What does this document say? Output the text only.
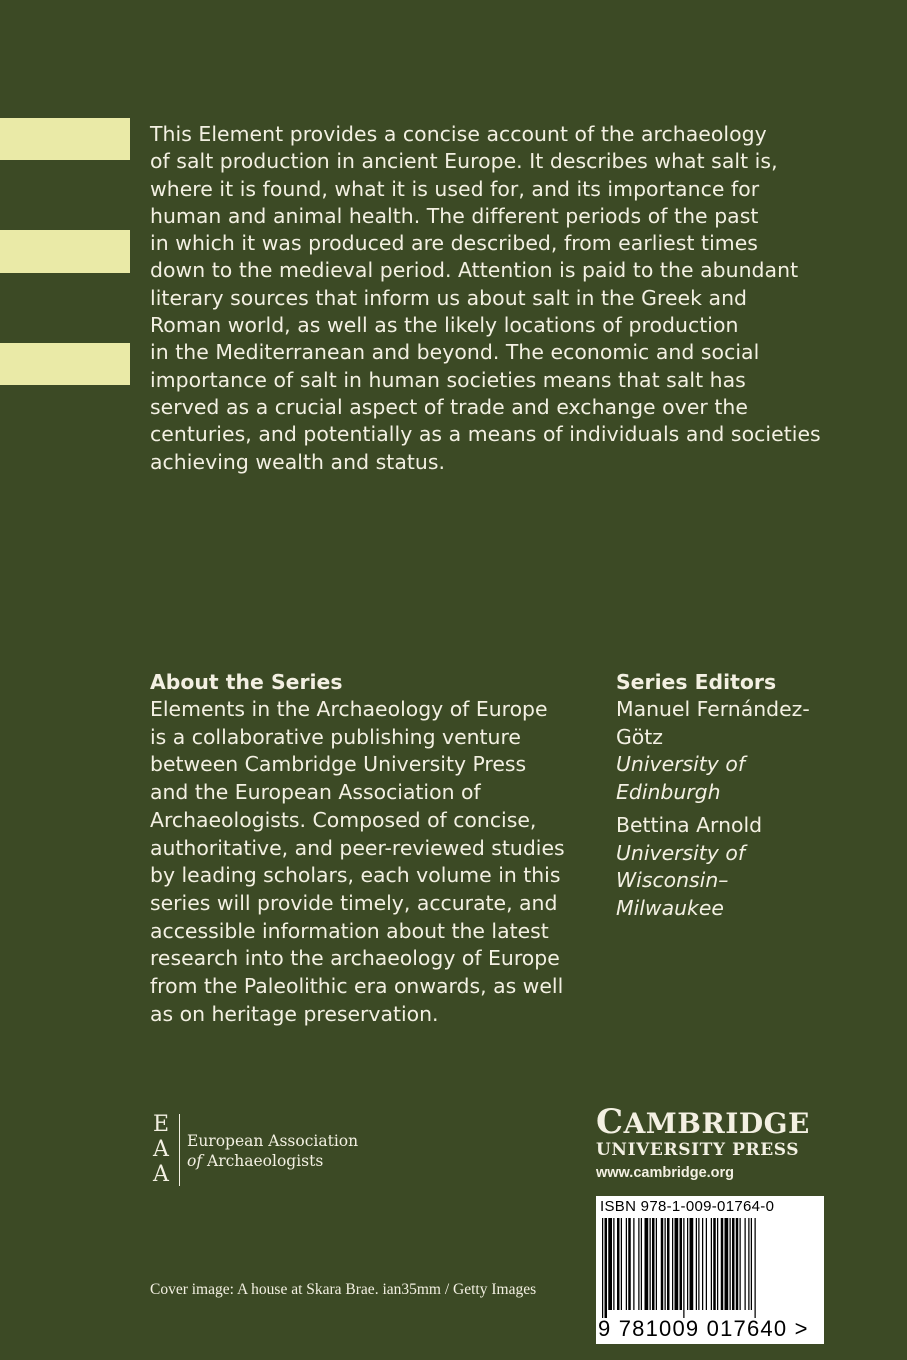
This Element provides a concise account of the archaeology
of salt production in ancient Europe. It describes what salt is,
where it is found, what it is used for, and its importance for
human and animal health. The different periods of the past
in which it was produced are described, from earliest times
down to the medieval period. Attention is paid to the abundant
literary sources that inform us about salt in the Greek and
Roman world, as well as the likely locations of production
in the Mediterranean and beyond. The economic and social
importance of salt in human societies means that salt has
served as a crucial aspect of trade and exchange over the
centuries, and potentially as a means of individuals and societies
achieving wealth and status.

About the Series
Elements in the Archaeology of Europe
is a collaborative publishing venture
between Cambridge University Press
and the European Association of
Archaeologists. Composed of concise,
authoritative, and peer-reviewed studies
by leading scholars, each volume in this
series will provide timely, accurate, and
accessible information about the latest
research into the archaeology of Europe
from the Paleolithic era onwards, as well
as on heritage preservation.
Series Editors
Manuel Fernández-
Götz
University of
Edinburgh
Bettina Arnold
University of
Wisconsin–
Milwaukee
E
A
A
European Association
of Archaeologists
CAMBRIDGE
UNIVERSITY PRESS
www.cambridge.org
ISBN 978-1-009-01764-0
9 781009 017640 >
Cover image: A house at Skara Brae. ian35mm / Getty Images
